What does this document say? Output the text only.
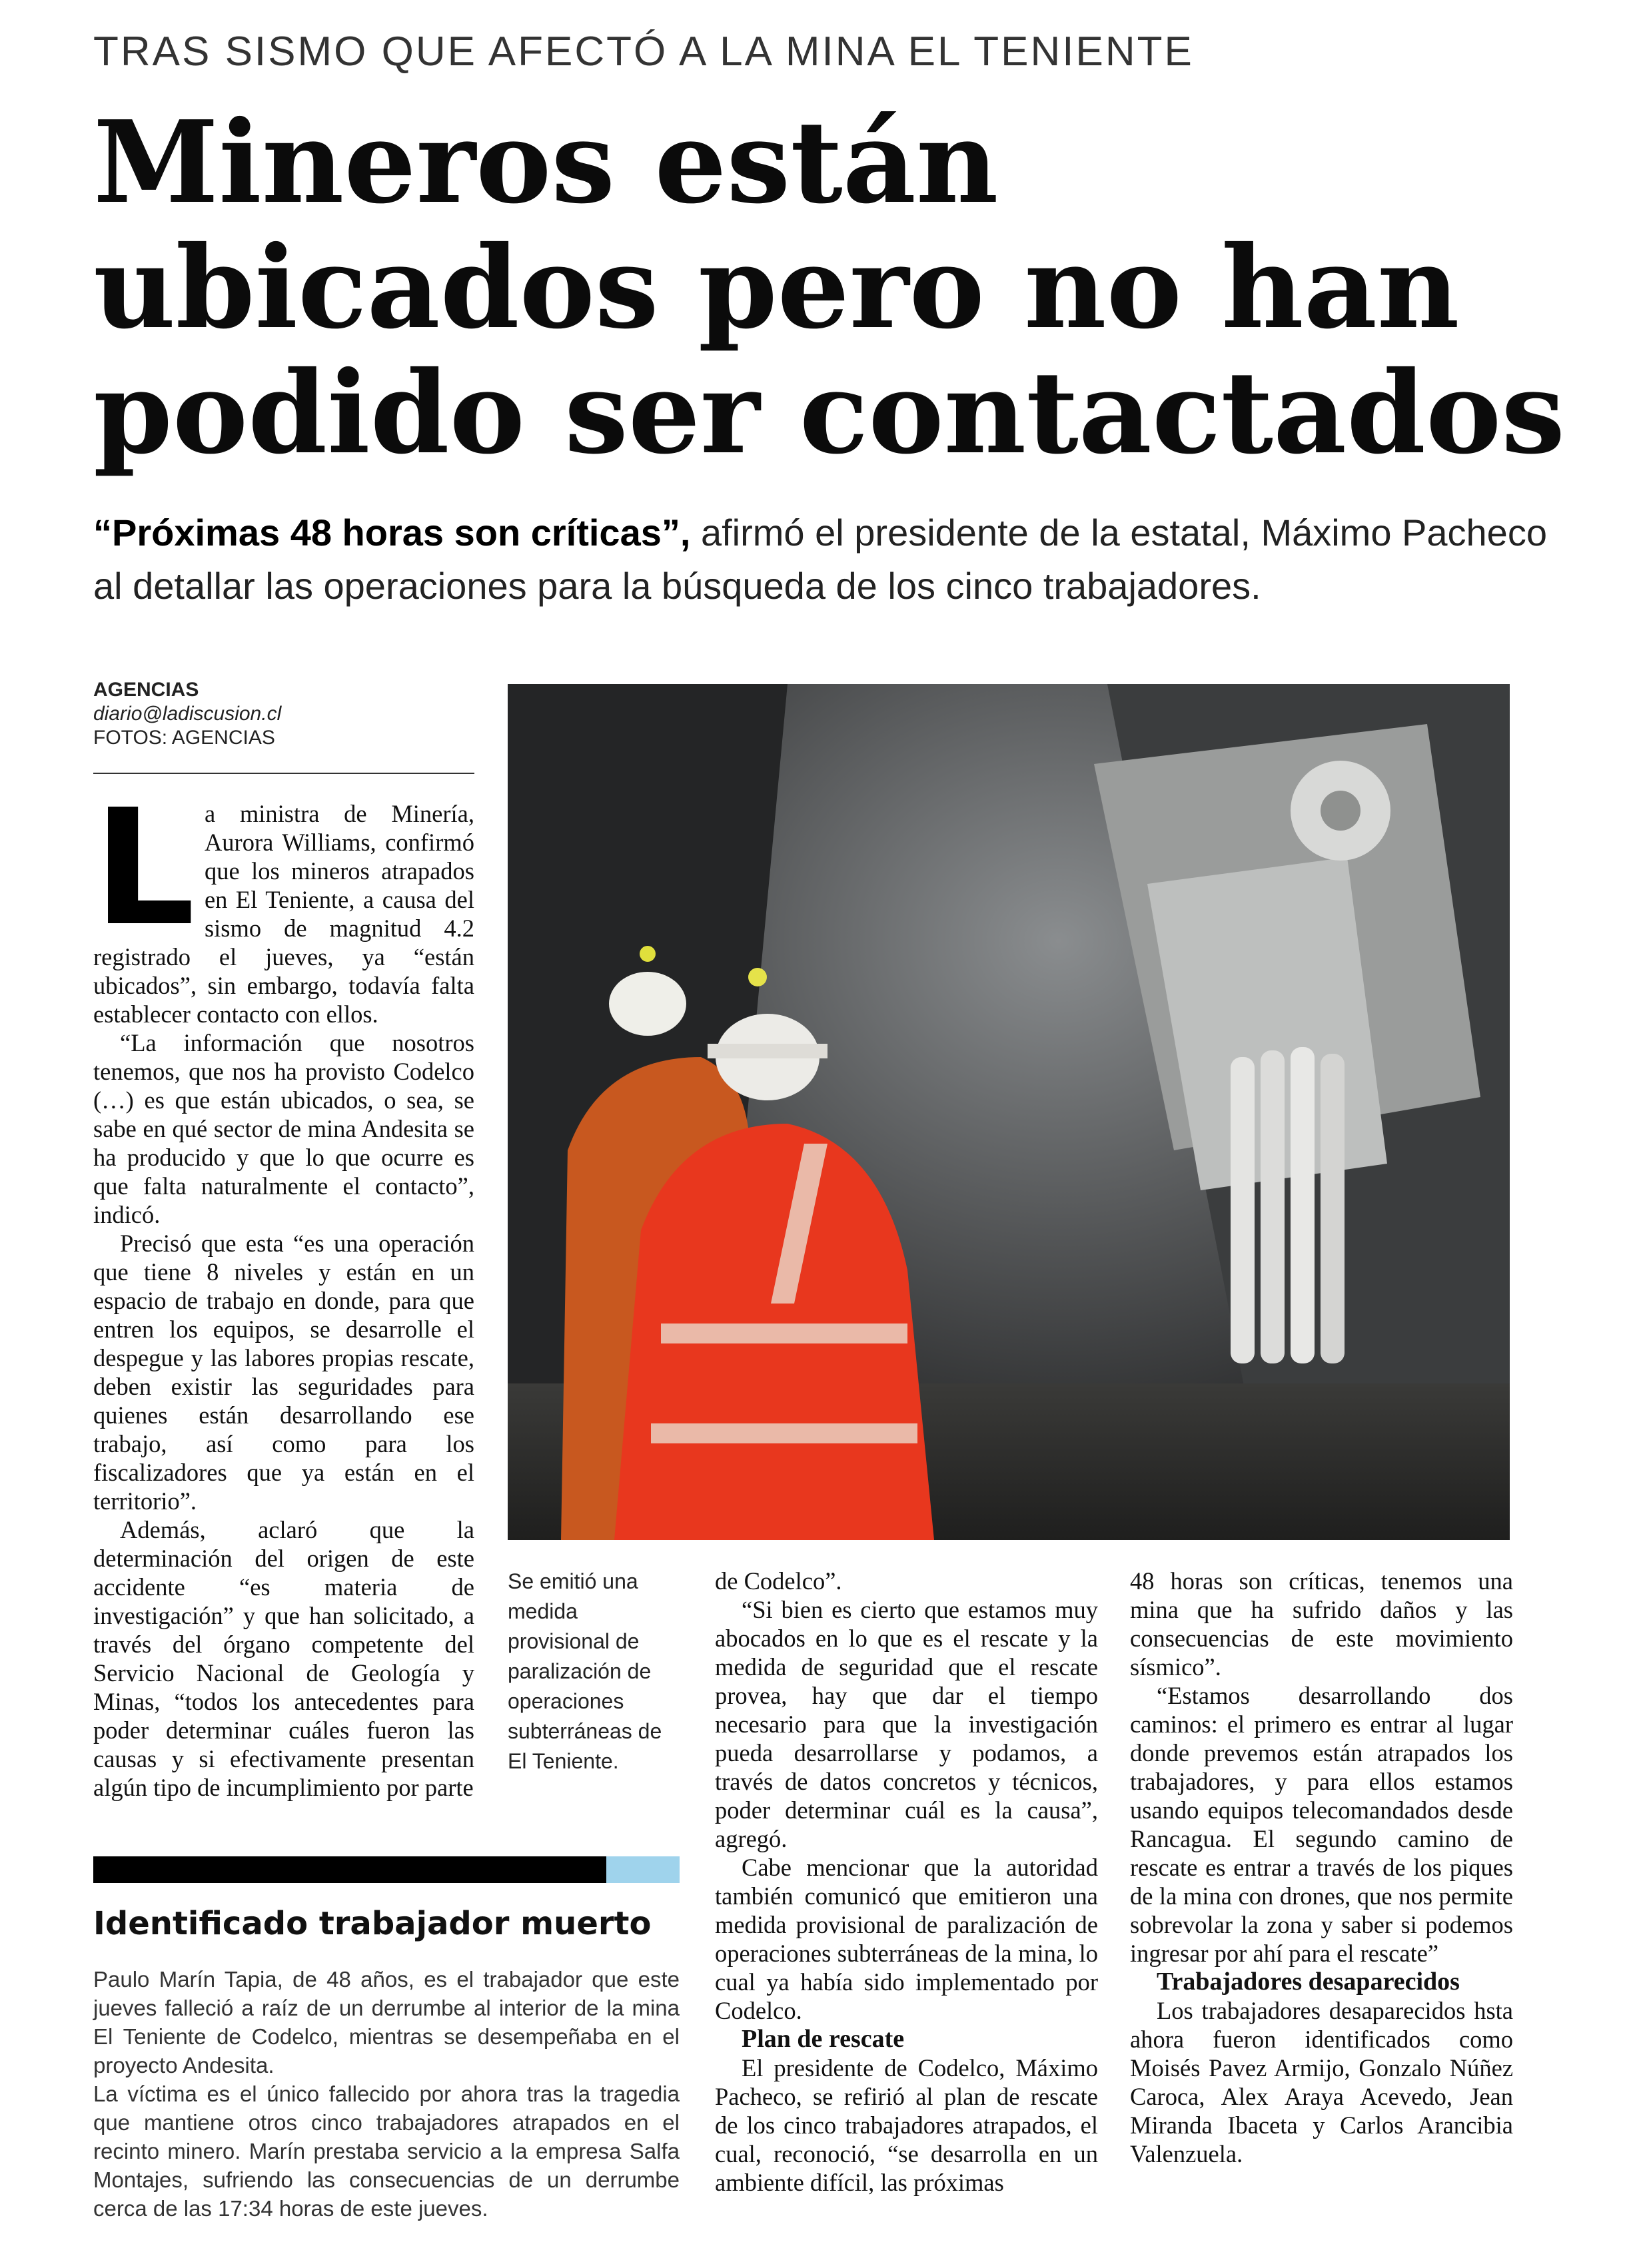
TRAS SISMO QUE AFECTÓ A LA MINA EL TENIENTE
Mineros están
ubicados pero no han
podido ser contactados
“Próximas 48 horas son críticas”, afirmó el presidente de la estatal, Máximo Pacheco al detallar las operaciones para la búsqueda de los cinco trabajadores.
AGENCIAS
diario@ladiscusion.cl
FOTOS: AGENCIAS
L a ministra de Minería, Aurora Williams, confirmó que los mineros atrapados en El Teniente, a causa del sismo de magnitud 4.2 registrado el jueves, ya “están ubicados”, sin embargo, todavía falta establecer contacto con ellos.

“La información que nosotros tenemos, que nos ha provisto Codelco (…) es que están ubicados, o sea, se sabe en qué sector de mina Andesita se ha producido y que lo que ocurre es que falta naturalmente el contacto”, indicó.

Precisó que esta “es una operación que tiene 8 niveles y están en un espacio de trabajo en donde, para que entren los equipos, se desarrolle el despegue y las labores propias rescate, deben existir las seguridades para quienes están desarrollando ese trabajo, así como para los fiscalizadores que ya están en el territorio”.

Además, aclaró que la determinación del origen de este accidente “es materia de investigación” y que han solicitado, a través del órgano competente del Servicio Nacional de Geología y Minas, “todos los antecedentes para poder determinar cuáles fueron las causas y si efectivamente presentan algún tipo de incumplimiento por parte

Se emitió una medida provisional de paralización de operaciones subterráneas de El Teniente.

de Codelco”.

“Si bien es cierto que estamos muy abocados en lo que es el rescate y la medida de seguridad que el rescate provea, hay que dar el tiempo necesario para que la investigación pueda desarrollarse y podamos, a través de datos concretos y técnicos, poder determinar cuál es la causa”, agregó.

Cabe mencionar que la autoridad también comunicó que emitieron una medida provisional de paralización de operaciones subterráneas de la mina, lo cual ya había sido implementado por Codelco.

Plan de rescate

El presidente de Codelco, Máximo Pacheco, se refirió al plan de rescate de los cinco trabajadores atrapados, el cual, reconoció, “se desarrolla en un ambiente difícil, las próximas

48 horas son críticas, tenemos una mina que ha sufrido daños y las consecuencias de este movimiento sísmico”.

“Estamos desarrollando dos caminos: el primero es entrar al lugar donde prevemos están atrapados los trabajadores, y para ellos estamos usando equipos telecomandados desde Rancagua. El segundo camino de rescate es entrar a través de los piques de la mina con drones, que nos permite sobrevolar la zona y saber si podemos ingresar por ahí para el rescate”

Trabajadores desaparecidos

Los trabajadores desaparecidos hsta ahora fueron identificados como Moisés Pavez Armijo, Gonzalo Núñez Caroca, Alex Araya Acevedo, Jean Miranda Ibaceta y Carlos Arancibia Valenzuela.

Identificado trabajador muerto

Paulo Marín Tapia, de 48 años, es el trabajador que este jueves falleció a raíz de un derrumbe al interior de la mina El Teniente de Codelco, mientras se desempeñaba en el proyecto Andesita.

La víctima es el único fallecido por ahora tras la tragedia que mantiene otros cinco trabajadores atrapados en el recinto minero. Marín prestaba servicio a la empresa Salfa Montajes, sufriendo las consecuencias de un derrumbe cerca de las 17:34 horas de este jueves.
